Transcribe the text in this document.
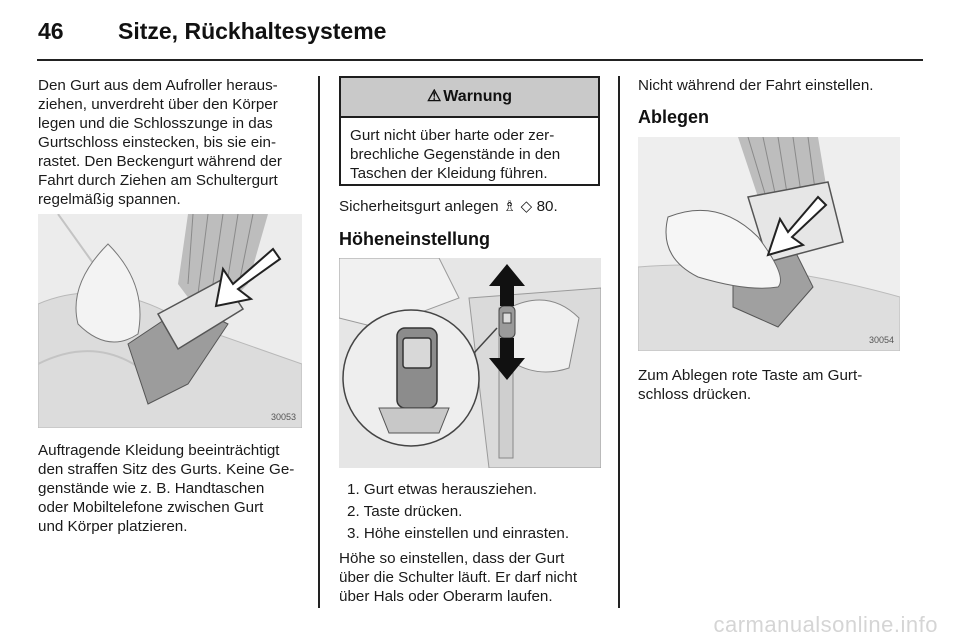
46 Sitze, Rückhaltesysteme

Den Gurt aus dem Aufroller heraus-

ziehen, unverdreht über den Körper

legen und die Schlosszunge in das

Gurtschloss einstecken, bis sie ein-

rastet. Den Beckengurt während der

Fahrt durch Ziehen am Schultergurt

regelmäßig spannen.

30053

Auftragende Kleidung beeinträchtigt

den straffen Sitz des Gurts. Keine Ge-

genstände wie z. B. Handtaschen

oder Mobiltelefone zwischen Gurt

und Körper platzieren.

⚠ Warnung

Gurt nicht über harte oder zer-

brechliche Gegenstände in den

Taschen der Kleidung führen.

Sicherheitsgurt anlegen ♗ ◇ 80.

Höheneinstellung
1. Gurt etwas herausziehen.
2. Taste drücken.
3. Höhe einstellen und einrasten.

Höhe so einstellen, dass der Gurt

über die Schulter läuft. Er darf nicht

über Hals oder Oberarm laufen.

Nicht während der Fahrt einstellen.

Ablegen
30054

Zum Ablegen rote Taste am Gurt-

schloss drücken.

carmanualsonline.info
